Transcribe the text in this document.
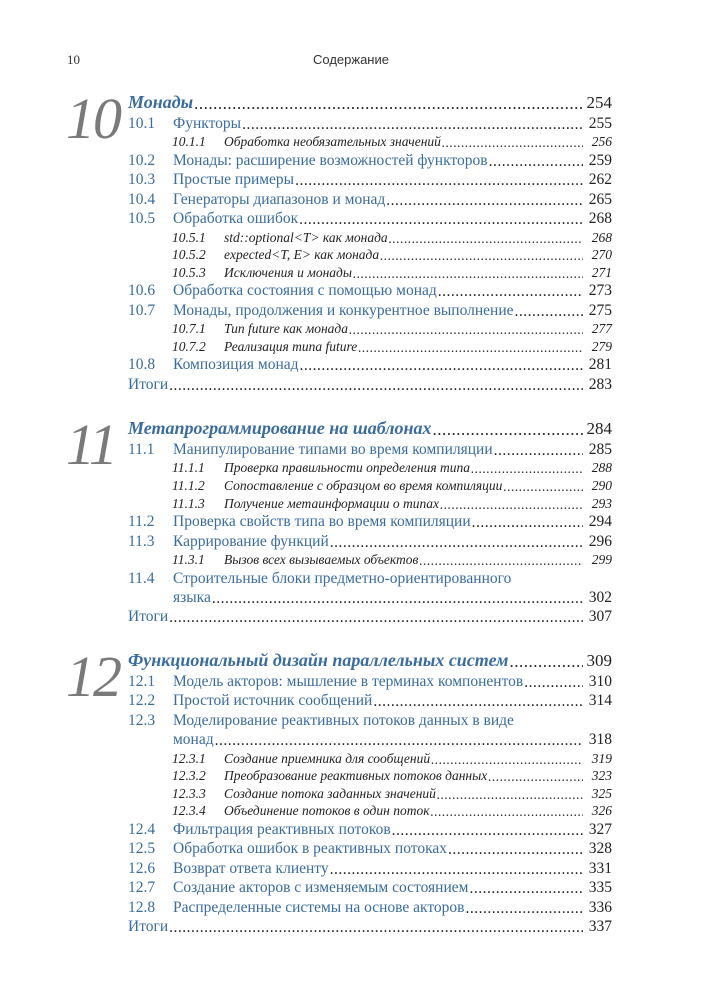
10	Содержание
10 Монады .....	254
10.1	Функторы .....	255
10.1.1	Обработка необязательных значений .....	256
10.2	Монады: расширение возможностей функторов .....	259
10.3	Простые примеры .....	262
10.4	Генераторы диапазонов и монад .....	265
10.5	Обработка ошибок .....	268
10.5.1	std::optional<T> как монада .....	268
10.5.2	expected<T, E> как монада .....	270
10.5.3	Исключения и монады .....	271
10.6	Обработка состояния с помощью монад .....	273
10.7	Монады, продолжения и конкурентное выполнение .....	275
10.7.1	Тип future как монада .....	277
10.7.2	Реализация типа future .....	279
10.8	Композиция монад .....	281
Итоги .....	283
11 Метапрограммирование на шаблонах .....	284
11.1	Манипулирование типами во время компиляции .....	285
11.1.1	Проверка правильности определения типа .....	288
11.1.2	Сопоставление с образцом во время компиляции .....	290
11.1.3	Получение метаинформации о типах .....	293
11.2	Проверка свойств типа во время компиляции .....	294
11.3	Каррирование функций .....	296
11.3.1	Вызов всех вызываемых объектов .....	299
11.4	Строительные блоки предметно-ориентированного
языка .....	302
Итоги .....	307
12 Функциональный дизайн параллельных систем .....	309
12.1	Модель акторов: мышление в терминах компонентов .....	310
12.2	Простой источник сообщений .....	314
12.3	Моделирование реактивных потоков данных в виде
монад .....	318
12.3.1	Создание приемника для сообщений .....	319
12.3.2	Преобразование реактивных потоков данных .....	323
12.3.3	Создание потока заданных значений .....	325
12.3.4	Объединение потоков в один поток .....	326
12.4	Фильтрация реактивных потоков .....	327
12.5	Обработка ошибок в реактивных потоках .....	328
12.6	Возврат ответа клиенту .....	331
12.7	Создание акторов с изменяемым состоянием .....	335
12.8	Распределенные системы на основе акторов .....	336
Итоги .....	337
